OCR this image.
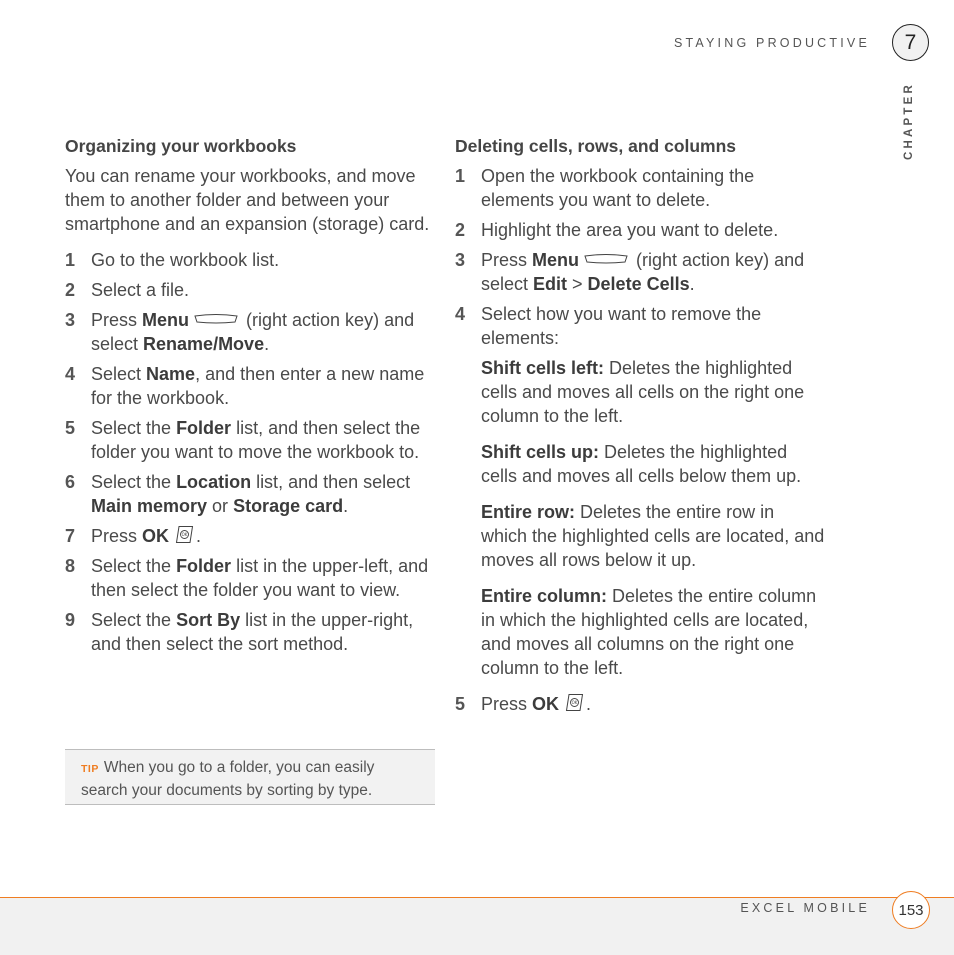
STAYING PRODUCTIVE	7
CHAPTER
Organizing your workbooks

You can rename your workbooks, and move them to another folder and between your smartphone and an expansion (storage) card.

1 Go to the workbook list.
2 Select a file.
3 Press Menu	(right action key) and select Rename/Move.
4 Select Name, and then enter a new name for the workbook.
5 Select the Folder list, and then select the folder you want to move the workbook to.
6 Select the Location list, and then select Main memory or Storage card.
7 Press OK	OK .
8 Select the Folder list in the upper-left, and then select the folder you want to view.
9 Select the Sort By list in the upper-right, and then select the sort method.
TIP When you go to a folder, you can easily search your documents by sorting by type.
Deleting cells, rows, and columns
1 Open the workbook containing the elements you want to delete.
2 Highlight the area you want to delete.
3 Press Menu	(right action key) and select Edit > Delete Cells.
4 Select how you want to remove the elements:
Shift cells left: Deletes the highlighted cells and moves all cells on the right one column to the left.
Shift cells up: Deletes the highlighted cells and moves all cells below them up.
Entire row: Deletes the entire row in which the highlighted cells are located, and moves all rows below it up.
Entire column: Deletes the entire column in which the highlighted cells are located, and moves all columns on the right one column to the left.
5 Press OK	OK .
EXCEL MOBILE	153
